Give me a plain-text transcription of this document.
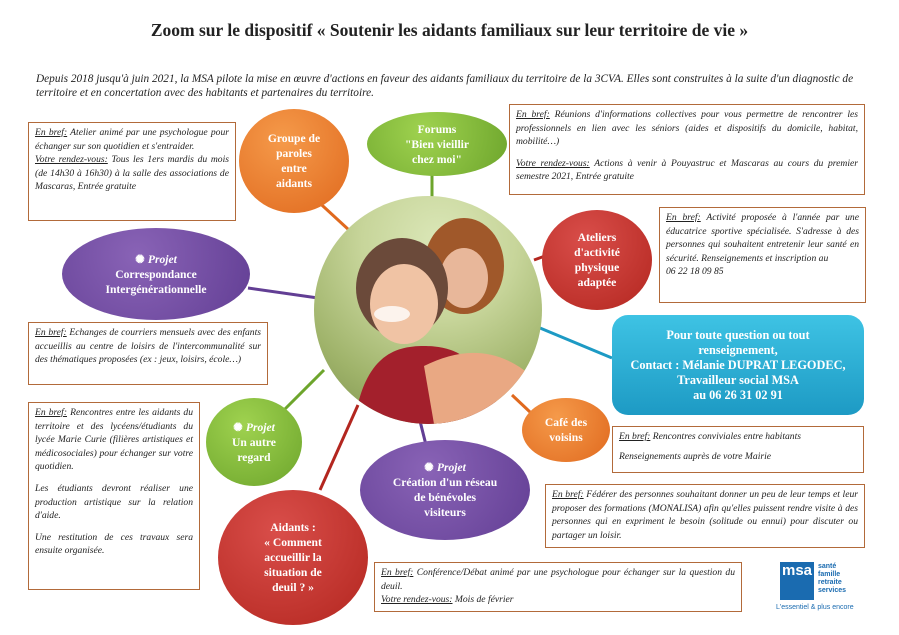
Zoom sur le dispositif « Soutenir les aidants familiaux sur leur territoire de vie »
Depuis 2018 jusqu'à juin 2021, la MSA pilote la mise en œuvre d'actions en faveur des aidants familiaux du territoire de la 3CVA. Elles sont construites à la suite d'un diagnostic de territoire et en concertation avec des habitants et partenaires du territoire.
Groupe de
paroles
entre
aidants
Forums
"Bien vieillir
chez moi"
Ateliers
d'activité
physique
adaptée
✺ Projet
Correspondance
Intergénérationnelle
✺ Projet
Un autre
regard
Café des
voisins
✺ Projet
Création d'un réseau
de bénévoles
visiteurs
Aidants :
« Comment
accueillir la
situation de
deuil ? »

En bref: Atelier animé par une psychologue pour échanger sur son quotidien et s'entraider.

Votre rendez-vous: Tous les 1ers mardis du mois (de 14h30 à 16h30) à la salle des associations de Mascaras, Entrée gratuite

En bref: Réunions d'informations collectives pour vous permettre de rencontrer les professionnels en lien avec les séniors (aides et dispositifs du domicile, habitat, mobilité…)

Votre rendez-vous: Actions à venir à Pouyastruc et Mascaras au cours du premier semestre 2021, Entrée gratuite

En bref: Activité proposée à l'année par une éducatrice sportive spécialisée. S'adresse à des personnes qui souhaitent entretenir leur santé en sécurité. Renseignements et inscription au

06 22 18 09 85

En bref: Echanges de courriers mensuels avec des enfants accueillis au centre de loisirs de l'intercommunalité sur des thématiques proposées (ex : jeux, loisirs, école…)

En bref: Rencontres entre les aidants du territoire et des lycéens/étudiants du lycée Marie Curie (filières artistiques et médicosociales) pour échanger sur votre quotidien.

Les étudiants devront réaliser une production artistique sur la relation d'aide.

Une restitution de ces travaux sera ensuite organisée.

En bref: Rencontres conviviales entre habitants

Renseignements auprès de votre Mairie

En bref: Fédérer des personnes souhaitant donner un peu de leur temps et leur proposer des formations (MONALISA) afin qu'elles puissent rendre visite à des personnes qui en expriment le besoin (solitude ou ennui) pour discuter ou partager un loisir.

En bref: Conférence/Débat animé par une psychologue pour échanger sur la question du deuil.

Votre rendez-vous: Mois de février

Pour toute question ou tout
renseignement,
Contact : Mélanie DUPRAT LEGODEC,
Travailleur social MSA
au 06 26 31 02 91
msa santé
famille
retraite
services
L'essentiel & plus encore
